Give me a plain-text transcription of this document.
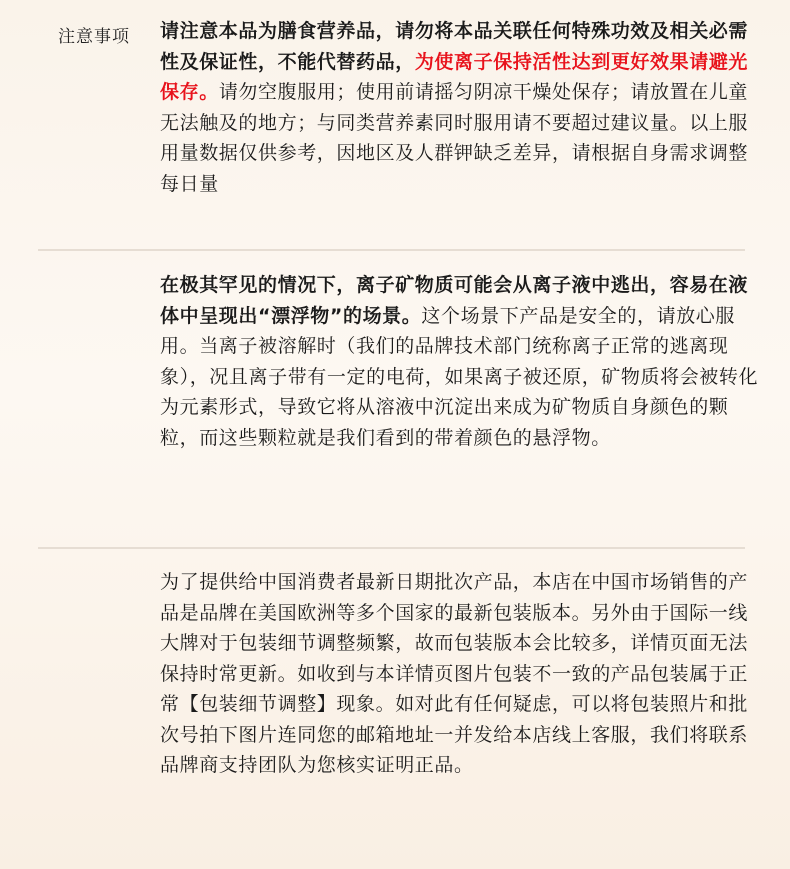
注意事项 请注意本品为膳食营养品，请勿将本品关联任何特殊功效及相关必需性及保证性，不能代替药品，为使离子保持活性达到更好效果请避光保存。请勿空腹服用；使用前请摇匀阴凉干燥处保存；请放置在儿童无法触及的地方；与同类营养素同时服用请不要超过建议量。以上服用量数据仅供参考，因地区及人群钾缺乏差异，请根据自身需求调整每日量
在极其罕见的情况下，离子矿物质可能会从离子液中逃出，容易在液体中呈现出“漂浮物”的场景。这个场景下产品是安全的，请放心服用。当离子被溶解时（我们的品牌技术部门统称离子正常的逃离现象），况且离子带有一定的电荷，如果离子被还原，矿物质将会被转化为元素形式，导致它将从溶液中沉淀出来成为矿物质自身颜色的颗粒，而这些颗粒就是我们看到的带着颜色的悬浮物。
为了提供给中国消费者最新日期批次产品，本店在中国市场销售的产品是品牌在美国欧洲等多个国家的最新包装版本。另外由于国际一线大牌对于包装细节调整频繁，故而包装版本会比较多，详情页面无法保持时常更新。如收到与本详情页图片包装不一致的产品包装属于正常【包装细节调整】现象。如对此有任何疑虑，可以将包装照片和批次号拍下图片连同您的邮箱地址一并发给本店线上客服，我们将联系品牌商支持团队为您核实证明正品。
